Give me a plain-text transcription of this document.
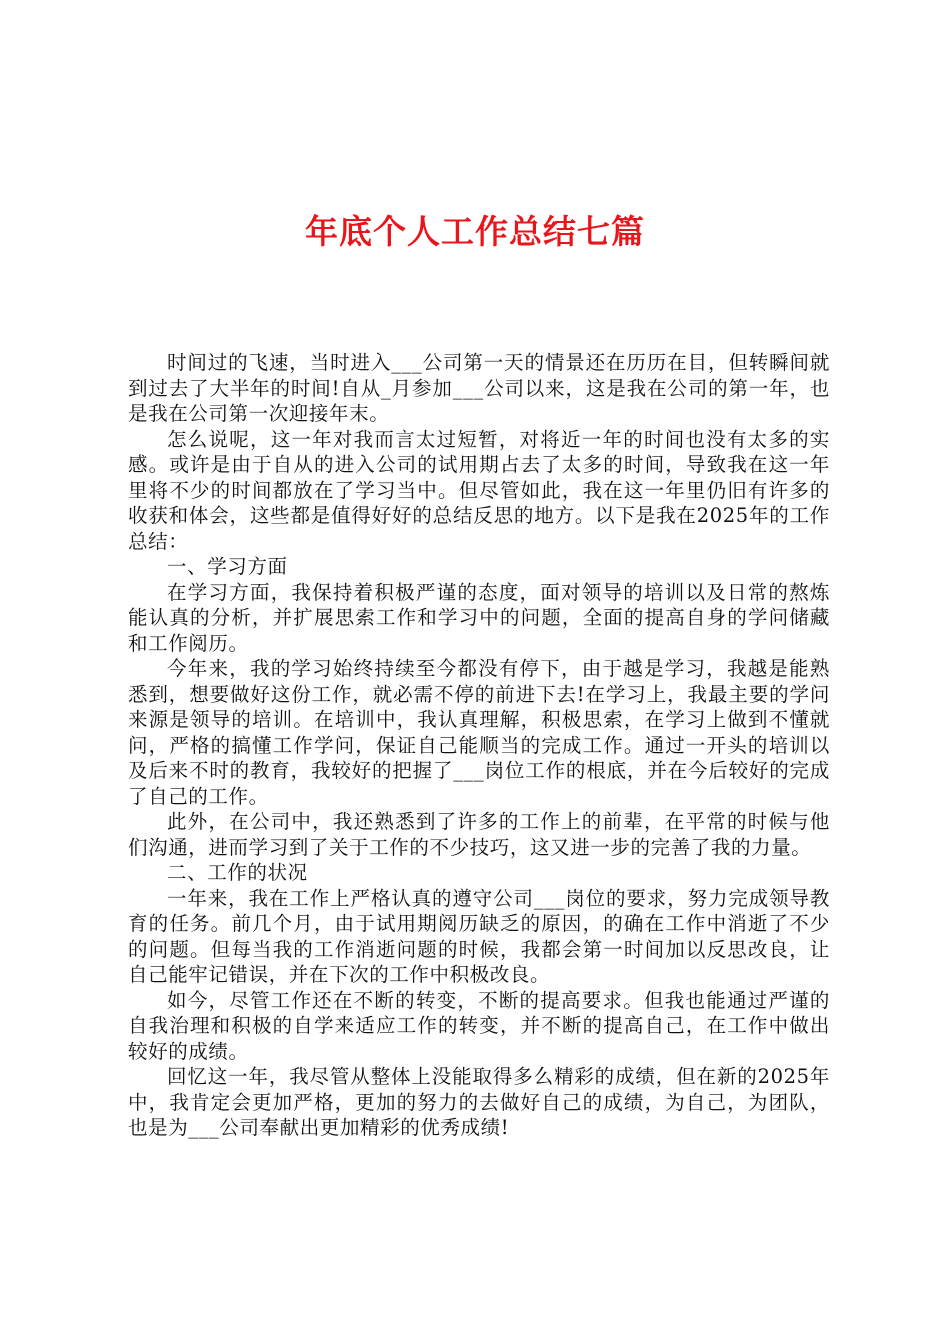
年底个人工作总结七篇

时间过的飞速，当时进入___公司第一天的情景还在历历在目，但转瞬间就到过去了大半年的时间!自从_月参加___公司以来，这是我在公司的第一年，也是我在公司第一次迎接年末。

怎么说呢，这一年对我而言太过短暂，对将近一年的时间也没有太多的实感。或许是由于自从的进入公司的试用期占去了太多的时间，导致我在这一年里将不少的时间都放在了学习当中。但尽管如此，我在这一年里仍旧有许多的收获和体会，这些都是值得好好的总结反思的地方。以下是我在2025年的工作总结：

一、学习方面

在学习方面，我保持着积极严谨的态度，面对领导的培训以及日常的熬炼能认真的分析，并扩展思索工作和学习中的问题，全面的提高自身的学问储藏和工作阅历。

今年来，我的学习始终持续至今都没有停下，由于越是学习，我越是能熟悉到，想要做好这份工作，就必需不停的前进下去!在学习上，我最主要的学问来源是领导的培训。在培训中，我认真理解，积极思索，在学习上做到不懂就问，严格的搞懂工作学问，保证自己能顺当的完成工作。通过一开头的培训以及后来不时的教育，我较好的把握了___岗位工作的根底，并在今后较好的完成了自己的工作。

此外，在公司中，我还熟悉到了许多的工作上的前辈，在平常的时候与他们沟通，进而学习到了关于工作的不少技巧，这又进一步的完善了我的力量。

二、工作的状况

一年来，我在工作上严格认真的遵守公司___岗位的要求，努力完成领导教育的任务。前几个月，由于试用期阅历缺乏的原因，的确在工作中消逝了不少的问题。但每当我的工作消逝问题的时候，我都会第一时间加以反思改良，让自己能牢记错误，并在下次的工作中积极改良。

如今，尽管工作还在不断的转变，不断的提高要求。但我也能通过严谨的自我治理和积极的自学来适应工作的转变，并不断的提高自己，在工作中做出较好的成绩。

回忆这一年，我尽管从整体上没能取得多么精彩的成绩，但在新的2025年中，我肯定会更加严格，更加的努力的去做好自己的成绩，为自己，为团队，也是为___公司奉献出更加精彩的优秀成绩!
